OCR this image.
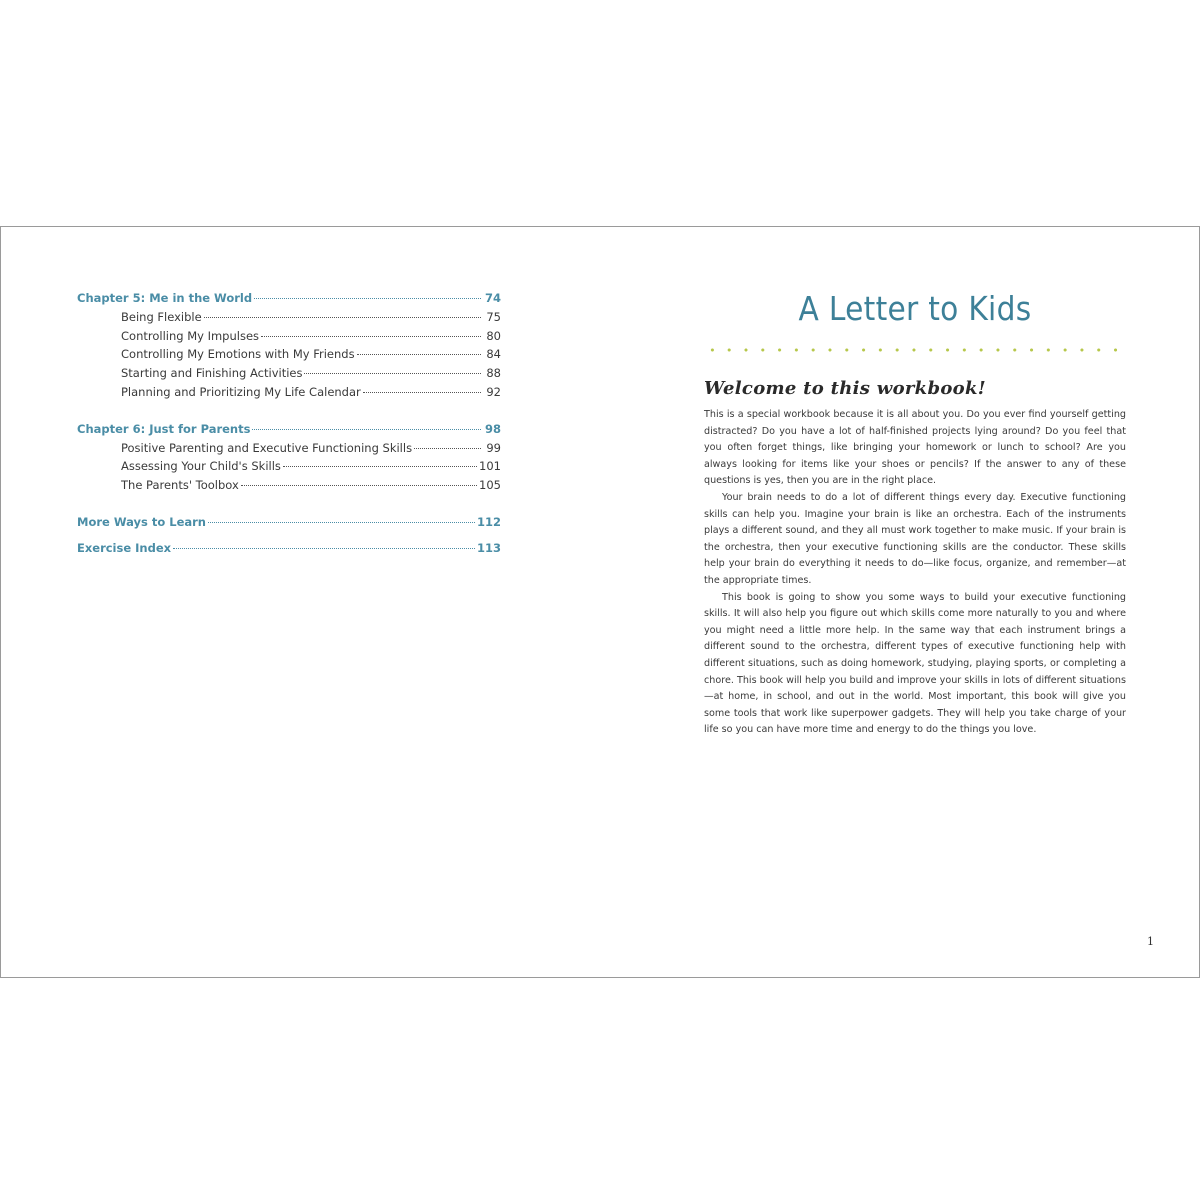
Chapter 5: Me in the World	74
Being Flexible	75
Controlling My Impulses	80
Controlling My Emotions with My Friends	84
Starting and Finishing Activities	88
Planning and Prioritizing My Life Calendar	92
Chapter 6: Just for Parents	98
Positive Parenting and Executive Functioning Skills	99
Assessing Your Child's Skills	101
The Parents' Toolbox	105
More Ways to Learn	112
Exercise Index	113
A Letter to Kids
Welcome to this workbook!

This is a special workbook because it is all about you. Do you ever find yourself getting distracted? Do you have a lot of half-finished projects lying around? Do you feel that you often forget things, like bringing your homework or lunch to school? Are you always looking for items like your shoes or pencils? If the answer to any of these questions is yes, then you are in the right place.

Your brain needs to do a lot of different things every day. Executive functioning skills can help you. Imagine your brain is like an orchestra. Each of the instruments plays a different sound, and they all must work together to make music. If your brain is the orchestra, then your executive functioning skills are the conductor. These skills help your brain do everything it needs to do—like focus, organize, and remember—at the appropriate times.

This book is going to show you some ways to build your executive functioning skills. It will also help you figure out which skills come more naturally to you and where you might need a little more help. In the same way that each instrument brings a different sound to the orchestra, different types of executive functioning help with different situations, such as doing homework, studying, playing sports, or completing a chore. This book will help you build and improve your skills in lots of different situations—at home, in school, and out in the world. Most important, this book will give you some tools that work like superpower gadgets. They will help you take charge of your life so you can have more time and energy to do the things you love.

1
